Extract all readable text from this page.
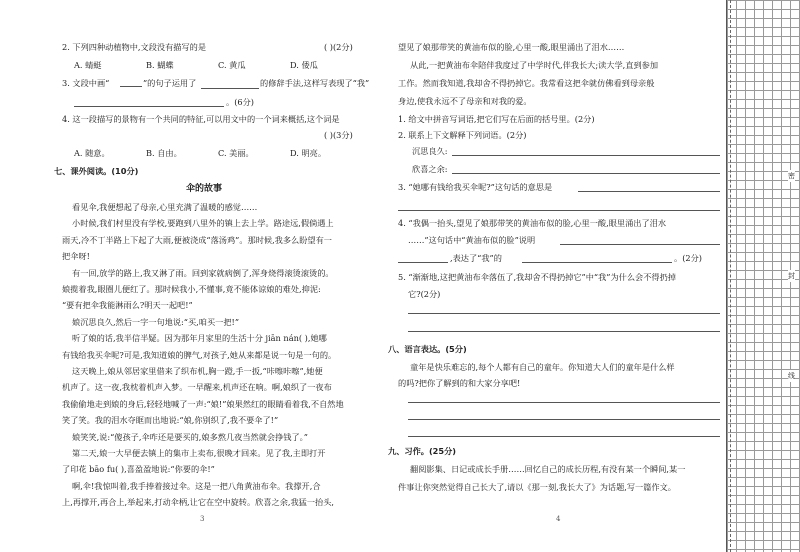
2. 下列四种动植物中,文段没有描写的是	( )(2分)
A. 蜻蜓	B. 蝴蝶	C. 黄瓜	D. 倭瓜
3. 文段中画“	”的句子运用了	的修辞手法,这样写表现了“我”
。(6分)
4. 这一段描写的景物有一个共同的特征,可以用文中的一个词来概括,这个词是
( )(3分)
A. 随意。	B. 自由。	C. 美丽。	D. 明亮。
七、课外阅读。(10分)
伞的故事
看见伞,我便想起了母亲,心里充满了温暖的感觉……
小时候,我们村里没有学校,要跑到八里外的镇上去上学。路途远,假倘遇上
雨天,冷不丁半路上下起了大雨,便被浇成“落汤鸡”。那时候,我多么盼望有一
把伞呀!
有一回,放学的路上,我又淋了雨。回到家就病倒了,浑身烧得滚烫滚烫的。
娘揽着我,眼圈儿便红了。那时候我小,不懂事,竟不能体谅娘的难处,抑泥:
“要有把伞我能淋雨么?明天一起吧!”
娘沉思良久,然后一字一句地说:“买,咱买一把!”
听了娘的话,我半信半疑。因为那年月家里的生活十分 jiān nán( ),她哪
有钱给我买伞呢?可是,我知道娘的脾气,对孩子,她从来都是说一句是一句的。
这天晚上,娘从邻居家里借来了织布机,胸一蹬,手一扳,“咔嚓咔嚓”,她便
机声了。这一夜,我枕着机声入梦。一早醒来,机声还在响。啊,娘织了一夜布
我偷偷地走到娘的身后,轻轻地喊了一声:“娘!”娘果然红的眼睛看着我,不自然地
笑了笑。我的泪水夺眶而出地说:“娘,你别织了,我不要伞了!”
娘笑笑,说:“傻孩子,伞咋还是要买的,娘多熬几夜当然就会挣钱了。”
第二天,娘一大早便去镇上的集市上卖布,很晚才回来。见了我,主即打开
了印花 bāo fu( ),喜盈盈地说:“你要的伞!”
啊,伞!我惊叫着,我手捧着接过伞。这是一把八角黄油布伞。我撑开,合
上,再撑开,再合上,举起来,打动伞柄,让它在空中旋转。欣喜之余,我猛一抬头,
3
望见了娘那带笑的黄油布似的脸,心里一酸,眼里涌出了泪水……
从此,一把黄油布伞陪伴我度过了中学时代,伴我长大;读大学,直到参加
工作。然而我知道,我却舍不得扔掉它。我常看这把伞就仿佛看到母亲般
身边,使我永远不了母亲和对我的爱。
1. 给文中拼音写词语,把它们写在后面的括号里。(2分)
2. 联系上下文解释下列词语。(2分)
沉思良久:
欣喜之余:
3. “她哪有钱给我买伞呢?”这句话的意思是
4. “我偶一抬头,望见了娘那带笑的黄油布似的脸,心里一酸,眼里涌出了泪水
……”这句话中“黄油布似的脸”说明
,表达了“我”的	。(2分)
5. “渐渐地,这把黄油布伞落伍了,我却舍不得扔掉它”中“我”为什么会不得扔掉
它?(2分)
八、语言表达。(5分)
童年是快乐难忘的,每个人都有自己的童年。你知道大人们的童年是什么样
的吗?把你了解到的和大家分享吧!
九、习作。(25分)
翻阅影集、日记或成长手册……回忆自己的成长历程,有没有某一个瞬间,某一
件事让你突然觉得自己长大了,请以《那一刻,我长大了》为话题,写一篇作文。
4
密
封
线
